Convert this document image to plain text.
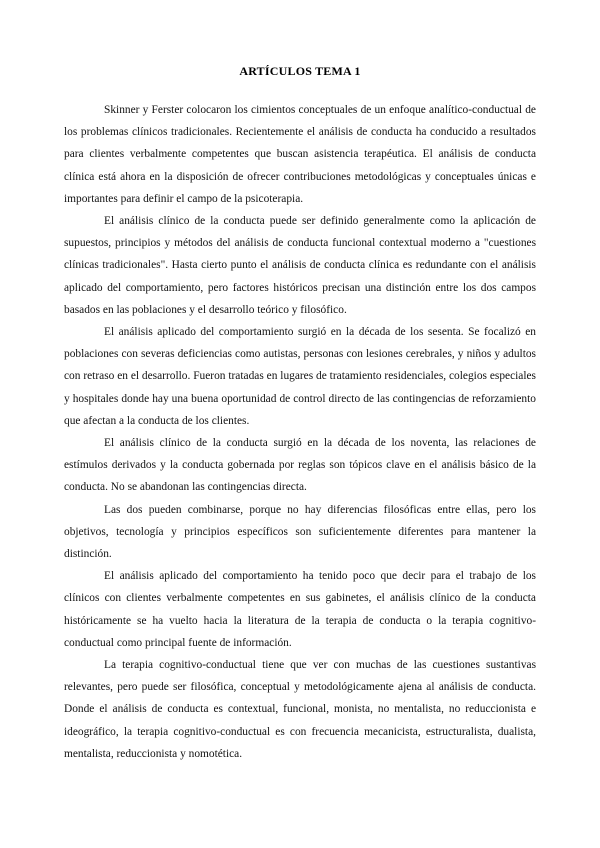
ARTÍCULOS TEMA 1

Skinner y Ferster colocaron los cimientos conceptuales de un enfoque analítico-conductual de los problemas clínicos tradicionales. Recientemente el análisis de conducta ha conducido a resultados para clientes verbalmente competentes que buscan asistencia terapéutica. El análisis de conducta clínica está ahora en la disposición de ofrecer contribuciones metodológicas y conceptuales únicas e importantes para definir el campo de la psicoterapia.

El análisis clínico de la conducta puede ser definido generalmente como la aplicación de supuestos, principios y métodos del análisis de conducta funcional contextual moderno a "cuestiones clínicas tradicionales". Hasta cierto punto el análisis de conducta clínica es redundante con el análisis aplicado del comportamiento, pero factores históricos precisan una distinción entre los dos campos basados en las poblaciones y el desarrollo teórico y filosófico.

El análisis aplicado del comportamiento surgió en la década de los sesenta. Se focalizó en poblaciones con severas deficiencias como autistas, personas con lesiones cerebrales, y niños y adultos con retraso en el desarrollo. Fueron tratadas en lugares de tratamiento residenciales, colegios especiales y hospitales donde hay una buena oportunidad de control directo de las contingencias de reforzamiento que afectan a la conducta de los clientes.

El análisis clínico de la conducta surgió en la década de los noventa, las relaciones de estímulos derivados y la conducta gobernada por reglas son tópicos clave en el análisis básico de la conducta. No se abandonan las contingencias directa.

Las dos pueden combinarse, porque no hay diferencias filosóficas entre ellas, pero los objetivos, tecnología y principios específicos son suficientemente diferentes para mantener la distinción.

El análisis aplicado del comportamiento ha tenido poco que decir para el trabajo de los clínicos con clientes verbalmente competentes en sus gabinetes, el análisis clínico de la conducta históricamente se ha vuelto hacia la literatura de la terapia de conducta o la terapia cognitivo-conductual como principal fuente de información.

La terapia cognitivo-conductual tiene que ver con muchas de las cuestiones sustantivas relevantes, pero puede ser filosófica, conceptual y metodológicamente ajena al análisis de conducta. Donde el análisis de conducta es contextual, funcional, monista, no mentalista, no reduccionista e ideográfico, la terapia cognitivo-conductual es con frecuencia mecanicista, estructuralista, dualista, mentalista, reduccionista y nomotética.
